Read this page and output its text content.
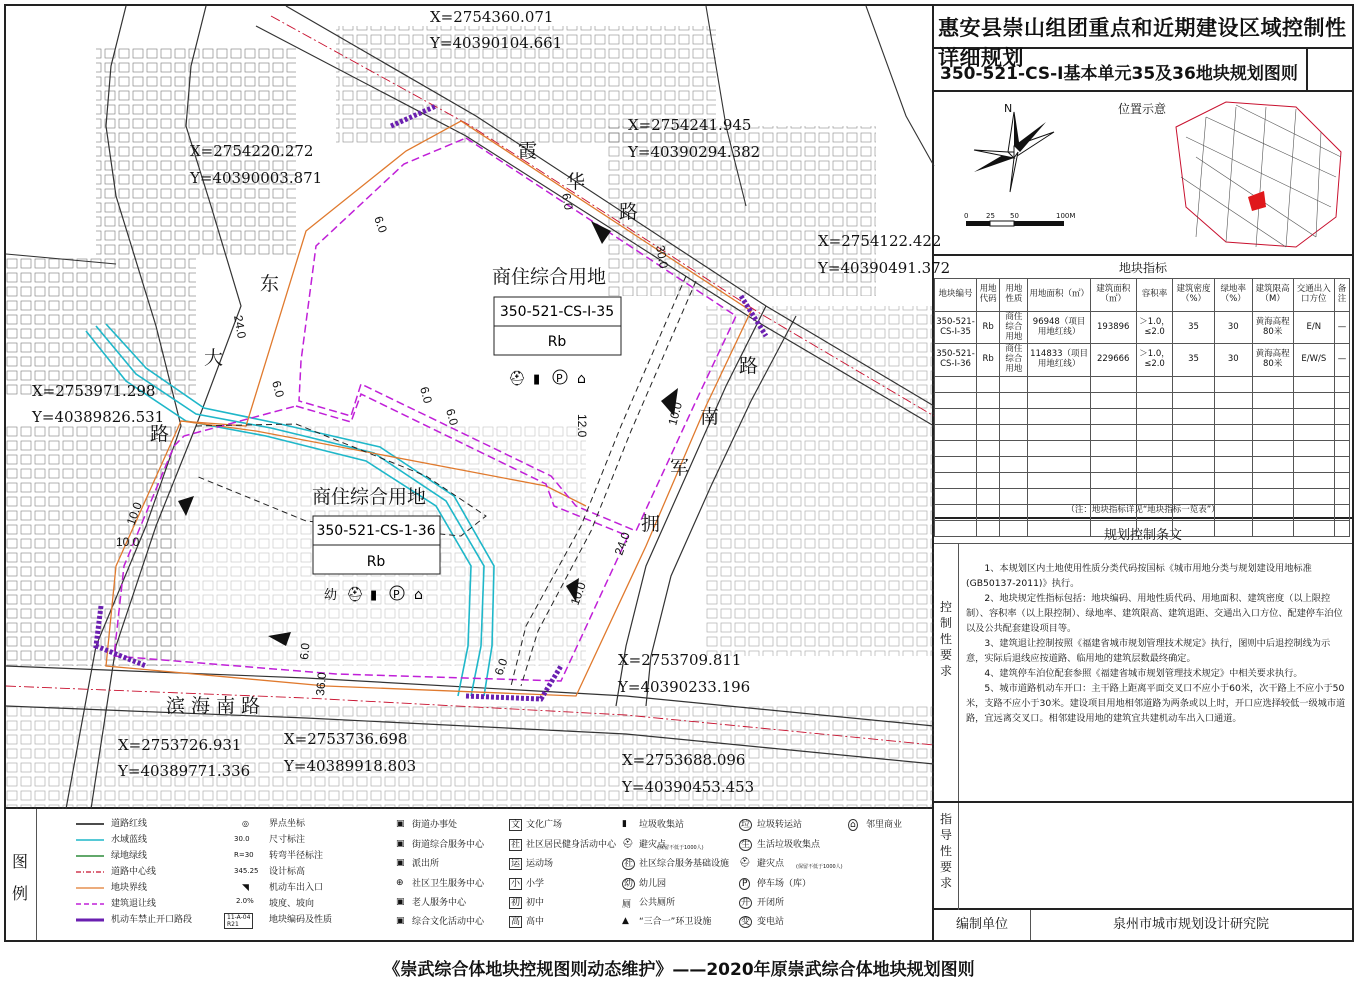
X=2754360.071
Y=40390104.661
X=2754220.272
Y=40390003.871
X=2754241.945
Y=40390294.382
X=2754122.422
Y=40390491.372
X=2753971.298
Y=40389826.531
X=2753709.811
Y=40390233.196
X=2753726.931
Y=40389771.336
X=2753736.698
Y=40389918.803	X=2753688.096
Y=40390453.453
霞
华
路
东
大
路
南
军
拥
路
滨 海 南 路
30.0
24.0
36.0
24.0
6.0
6.0
6.0	6.0
6.0
6.0
6.0
10.0
10.0
12.0	10.0
10.0
商住综合用地
350-521-CS-I-35
Rb
⛑ ▮ P ⌂
商住综合用地
350-521-CS-1-36
Rb
幼 ⛑ ▮ P ⌂
惠安县崇山组团重点和近期建设区域控制性详细规划
350-521-CS-I基本单元35及36地块规划图则
N
0	25 50	100M
位置示意
地块指标
地块编号	用地代码	用地性质	用地面积（㎡）	建筑面积（㎡）	容积率	建筑密度（%）	绿地率（%）	建筑限高（M）	交通出入口方位	备注
350-521-CS-I-35	Rb	商住综合用地	96948（项目用地红线）	193896	＞1.0，≤2.0	35	30	黄海高程80米	E/N	—
350-521-CS-I-36	Rb	商住综合用地	114833（项目用地红线）	229666	＞1.0，≤2.0	35	30	黄海高程80米	E/W/S	—

（注：地块指标详见“地块指标一览表”）
规划控制条文
控制性要求

1、本规划区内土地使用性质分类代码按国标《城市用地分类与规划建设用地标准(GB50137-2011)》执行。

2、地块规定性指标包括：地块编码、用地性质代码、用地面积、建筑密度（以上限控制）、容积率（以上限控制）、绿地率、建筑限高、建筑退距、交通出入口方位、配建停车泊位以及公共配套建设项目等。

3、建筑退让控制按照《福建省城市规划管理技术规定》执行，图则中后退控制线为示意，实际后退线应按道路、临用地的建筑层数最终确定。

4、建筑停车泊位配套参照《福建省城市规划管理技术规定》中相关要求执行。

5、城市道路机动车开口：主干路上距离平面交叉口不应小于60米，次干路上不应小于50米，支路不应小于30米。建设项目用地相邻道路为两条或以上时，开口应选择较低一级城市道路，宜远离交叉口。相邻建设用地的建筑宜共建机动车出入口通道。

指导性要求
编制单位	泉州市城市规划设计研究院
图
例
道路红线
水域蓝线
绿地绿线
道路中心线
地块界线
建筑退让线
机动车禁止开口路段
◎
30.0
R=30
345.25
◥
2.0%
11-A-04
R21
界点坐标
尺寸标注
转弯半径标注
设计标高
机动车出入口
坡度、坡向
地块编码及性质
▣
▣
▣
⊕
▣
▣
街道办事处
街道综合服务中心
派出所
社区卫生服务中心
老人服务中心
综合文化活动中心
文
社
运
小
初
高
文化广场
社区居民健身活动中心
运动场
小学
初中
高中
▮
⛑
社
幼
厕
▲
垃圾收集站
避灾点
(保留不低于1000人)
社区综合服务基础设施
幼儿园
公共厕所
“三合一”环卫设施
垃
生
⛑
P
开
变
垃圾转运站
生活垃圾收集点
避灾点 (保留不低于1000人)
停车场（库）
开闭所
变电站
⌂ 邻里商业
《崇武综合体地块控规图则动态维护》——2020年原崇武综合体地块规划图则
